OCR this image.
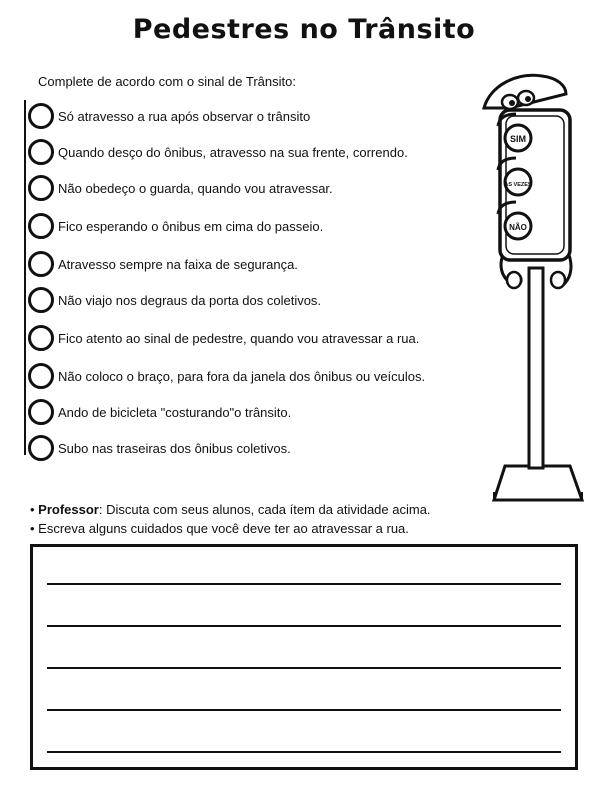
Pedestres no Trânsito
Complete de acordo com o sinal de Trânsito:
Só atravesso a rua após observar o trânsito
Quando desço do ônibus, atravesso na sua frente, correndo.
Não obedeço o guarda, quando vou atravessar.
Fico esperando o ônibus em cima do passeio.
Atravesso sempre na faixa de segurança.
Não viajo nos degraus da porta dos coletivos.
Fico atento ao sinal de pedestre, quando vou atravessar a rua.
Não coloco o braço, para fora da janela dos ônibus ou veículos.
Ando de bicicleta "costurando"o trânsito.
Subo nas traseiras dos ônibus coletivos.
SIM
ÀS VEZES
NÃO
• Professor: Discuta com seus alunos, cada ítem da atividade acima.
• Escreva alguns cuidados que você deve ter ao atravessar a rua.
